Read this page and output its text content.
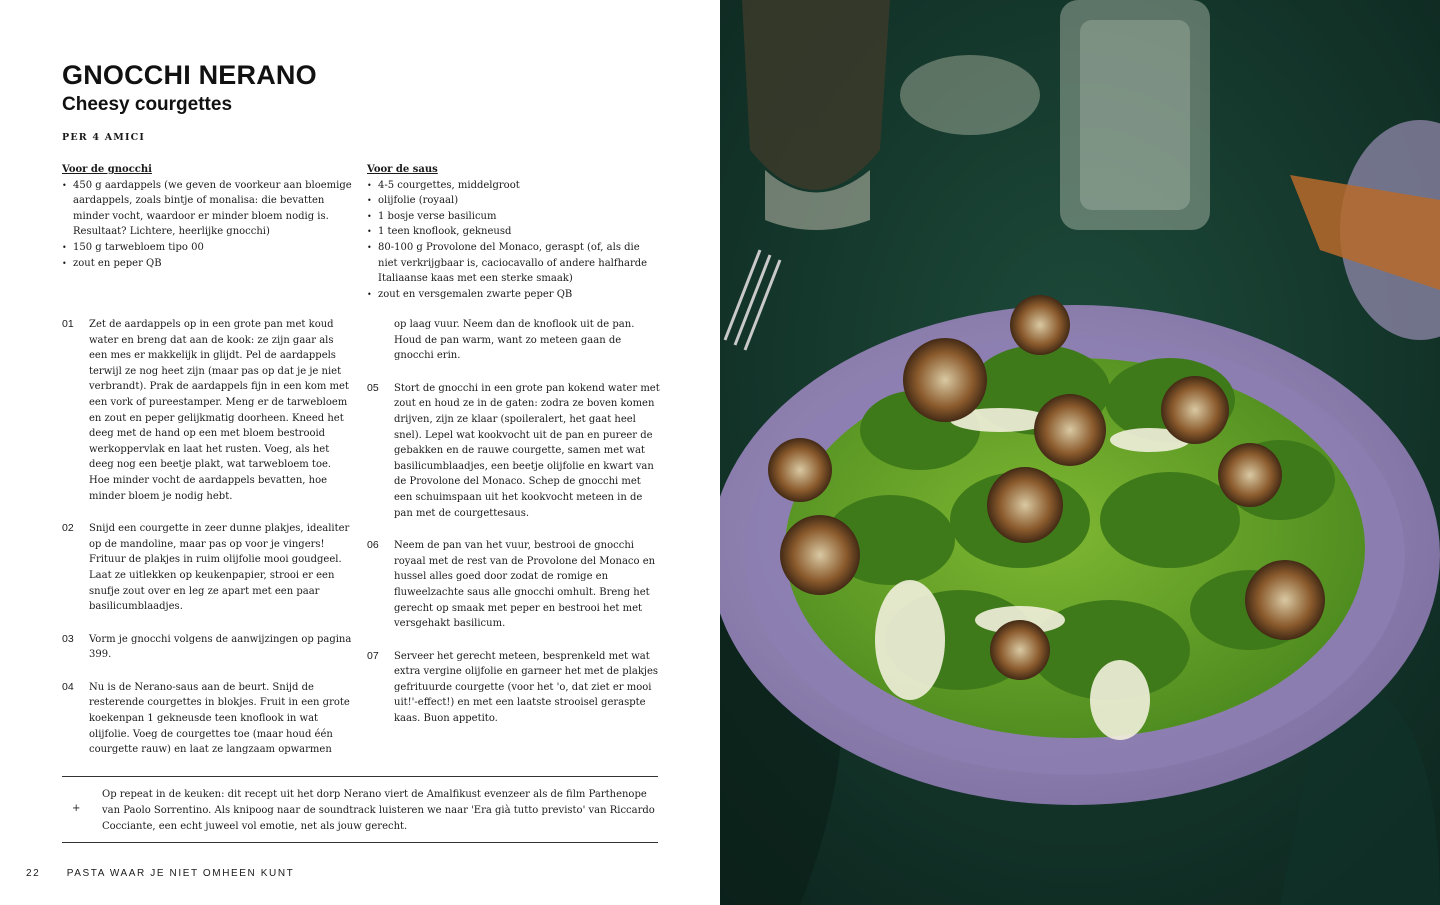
GNOCCHI NERANO
Cheesy courgettes
PER 4 AMICI
Voor de gnocchi
• 450 g aardappels (we geven de voorkeur aan bloemige aardappels, zoals bintje of monalisa: die bevatten minder vocht, waardoor er minder bloem nodig is. Resultaat? Lichtere, heerlijke gnocchi)
• 150 g tarwebloem tipo 00
• zout en peper QB
Voor de saus
• 4-5 courgettes, middelgroot
• olijfolie (royaal)
• 1 bosje verse basilicum
• 1 teen knoflook, gekneusd
• 80-100 g Provolone del Monaco, geraspt (of, als die niet verkrijgbaar is, caciocavallo of andere halfharde Italiaanse kaas met een sterke smaak)
• zout en versgemalen zwarte peper QB
01 Zet de aardappels op in een grote pan met koud water en breng dat aan de kook: ze zijn gaar als een mes er makkelijk in glijdt. Pel de aardappels terwijl ze nog heet zijn (maar pas op dat je je niet verbrandt). Prak de aardappels fijn in een kom met een vork of pureestamper. Meng er de tarwebloem en zout en peper gelijkmatig doorheen. Kneed het deeg met de hand op een met bloem bestrooid werkoppervlak en laat het rusten. Voeg, als het deeg nog een beetje plakt, wat tarwebloem toe. Hoe minder vocht de aardappels bevatten, hoe minder bloem je nodig hebt.
02 Snijd een courgette in zeer dunne plakjes, idealiter op de mandoline, maar pas op voor je vingers! Frituur de plakjes in ruim olijfolie mooi goudgeel. Laat ze uitlekken op keukenpapier, strooi er een snufje zout over en leg ze apart met een paar basilicumblaadjes.
03 Vorm je gnocchi volgens de aanwijzingen op pagina 399.
04 Nu is de Nerano-saus aan de beurt. Snijd de resterende courgettes in blokjes. Fruit in een grote koekenpan 1 gekneusde teen knoflook in wat olijfolie. Voeg de courgettes toe (maar houd één courgette rauw) en laat ze langzaam opwarmen
op laag vuur. Neem dan de knoflook uit de pan. Houd de pan warm, want zo meteen gaan de gnocchi erin.
05 Stort de gnocchi in een grote pan kokend water met zout en houd ze in de gaten: zodra ze boven komen drijven, zijn ze klaar (spoileralert, het gaat heel snel). Lepel wat kookvocht uit de pan en pureer de gebakken en de rauwe courgette, samen met wat basilicumblaadjes, een beetje olijfolie en kwart van de Provolone del Monaco. Schep de gnocchi met een schuimspaan uit het kookvocht meteen in de pan met de courgettesaus.
06 Neem de pan van het vuur, bestrooi de gnocchi royaal met de rest van de Provolone del Monaco en hussel alles goed door zodat de romige en fluweelzachte saus alle gnocchi omhult. Breng het gerecht op smaak met peper en bestrooi het met versgehakt basilicum.
07 Serveer het gerecht meteen, besprenkeld met wat extra vergine olijfolie en garneer het met de plakjes gefrituurde courgette (voor het 'o, dat ziet er mooi uit!'-effect!) en met een laatste strooisel geraspte kaas. Buon appetito.
+
Op repeat in de keuken: dit recept uit het dorp Nerano viert de Amalfikust evenzeer als de film Parthenope van Paolo Sorrentino. Als knipoog naar de soundtrack luisteren we naar 'Era già tutto previsto' van Riccardo Cocciante, een echt juweel vol emotie, net als jouw gerecht.
22	PASTA WAAR JE NIET OMHEEN KUNT
